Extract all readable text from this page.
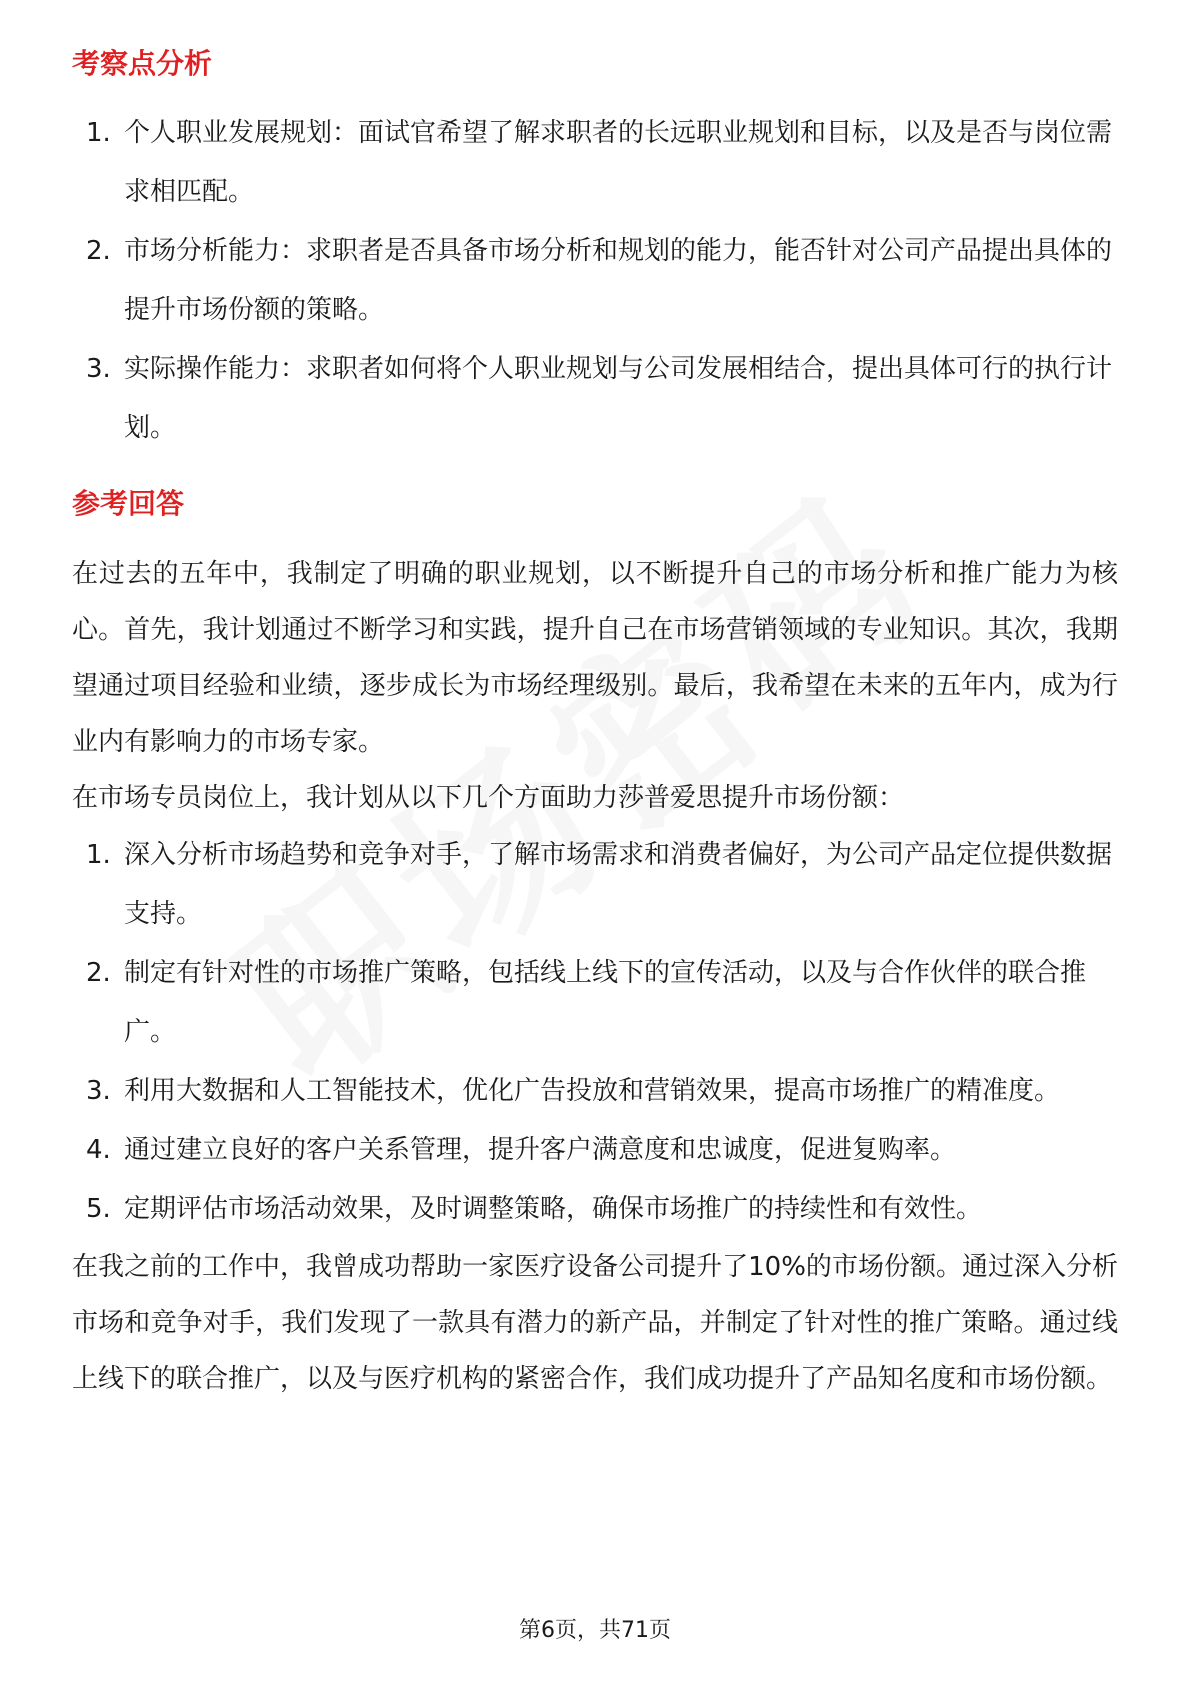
考察点分析
1. 个人职业发展规划：面试官希望了解求职者的长远职业规划和目标，以及是否与岗位需求相匹配。
2. 市场分析能力：求职者是否具备市场分析和规划的能力，能否针对公司产品提出具体的提升市场份额的策略。
3. 实际操作能力：求职者如何将个人职业规划与公司发展相结合，提出具体可行的执行计划。
参考回答

在过去的五年中，我制定了明确的职业规划，以不断提升自己的市场分析和推广能力为核心。首先，我计划通过不断学习和实践，提升自己在市场营销领域的专业知识。其次，我期望通过项目经验和业绩，逐步成长为市场经理级别。最后，我希望在未来的五年内，成为行业内有影响力的市场专家。

在市场专员岗位上，我计划从以下几个方面助力莎普爱思提升市场份额：

1. 深入分析市场趋势和竞争对手，了解市场需求和消费者偏好，为公司产品定位提供数据支持。
2. 制定有针对性的市场推广策略，包括线上线下的宣传活动，以及与合作伙伴的联合推广。
3. 利用大数据和人工智能技术，优化广告投放和营销效果，提高市场推广的精准度。
4. 通过建立良好的客户关系管理，提升客户满意度和忠诚度，促进复购率。
5. 定期评估市场活动效果，及时调整策略，确保市场推广的持续性和有效性。

在我之前的工作中，我曾成功帮助一家医疗设备公司提升了10%的市场份额。通过深入分析市场和竞争对手，我们发现了一款具有潜力的新产品，并制定了针对性的推广策略。通过线上线下的联合推广，以及与医疗机构的紧密合作，我们成功提升了产品知名度和市场份额。

第6页，共71页
